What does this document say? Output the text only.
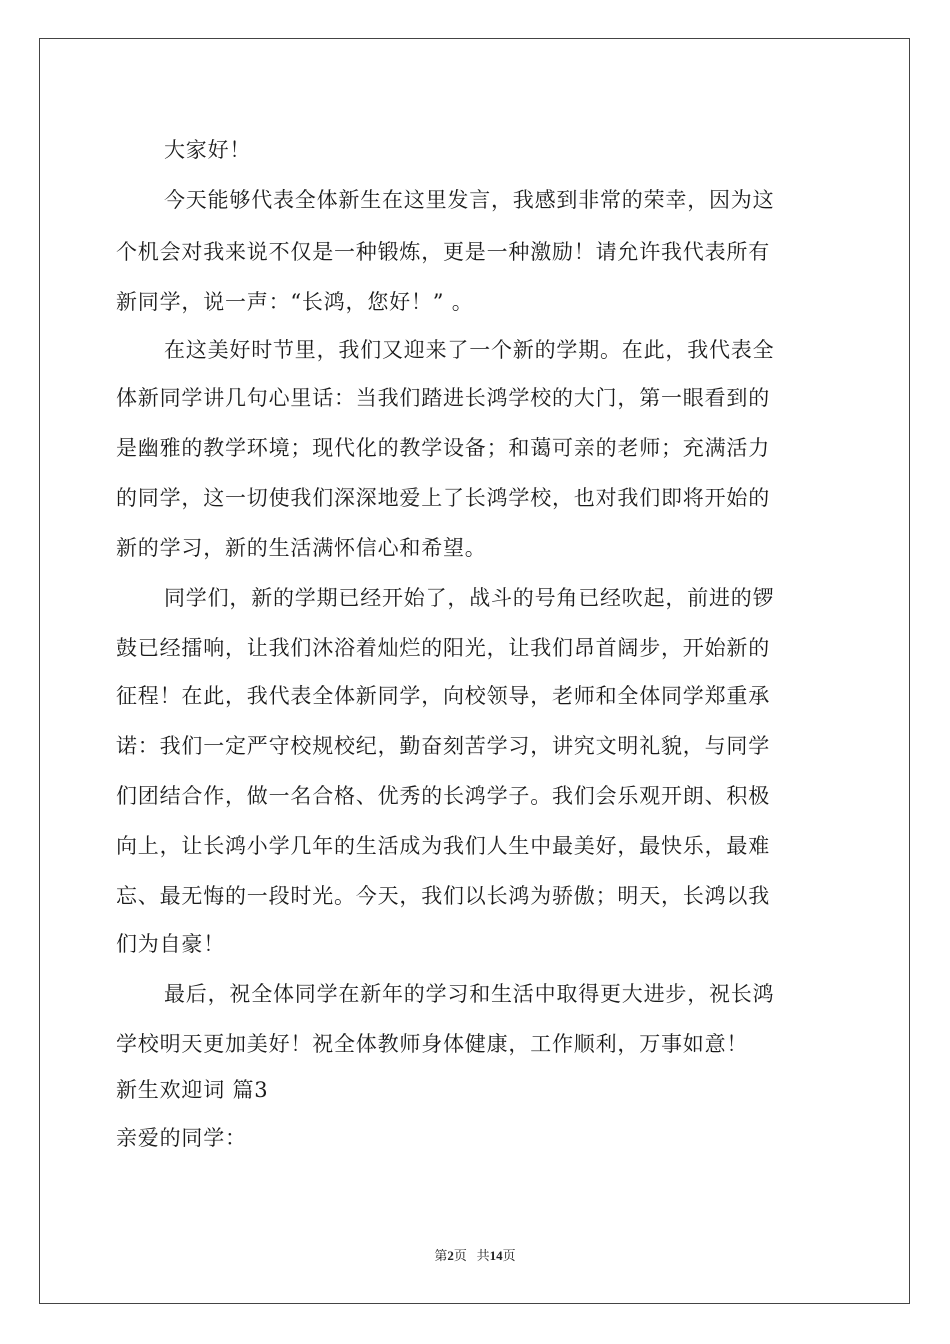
大家好！
今天能够代表全体新生在这里发言，我感到非常的荣幸，因为这
个机会对我来说不仅是一种锻炼，更是一种激励！请允许我代表所有
新同学，说一声：“长鸿，您好！” 。
在这美好时节里，我们又迎来了一个新的学期。在此，我代表全
体新同学讲几句心里话：当我们踏进长鸿学校的大门，第一眼看到的
是幽雅的教学环境；现代化的教学设备；和蔼可亲的老师；充满活力
的同学，这一切使我们深深地爱上了长鸿学校，也对我们即将开始的
新的学习，新的生活满怀信心和希望。
同学们，新的学期已经开始了，战斗的号角已经吹起，前进的锣
鼓已经擂响，让我们沐浴着灿烂的阳光，让我们昂首阔步，开始新的
征程！在此，我代表全体新同学，向校领导，老师和全体同学郑重承
诺：我们一定严守校规校纪，勤奋刻苦学习，讲究文明礼貌，与同学
们团结合作，做一名合格、优秀的长鸿学子。我们会乐观开朗、积极
向上，让长鸿小学几年的生活成为我们人生中最美好，最快乐，最难
忘、最无悔的一段时光。今天，我们以长鸿为骄傲；明天，长鸿以我
们为自豪！
最后，祝全体同学在新年的学习和生活中取得更大进步，祝长鸿
学校明天更加美好！祝全体教师身体健康，工作顺利，万事如意！
新生欢迎词 篇3
亲爱的同学：
第2页 共14页
